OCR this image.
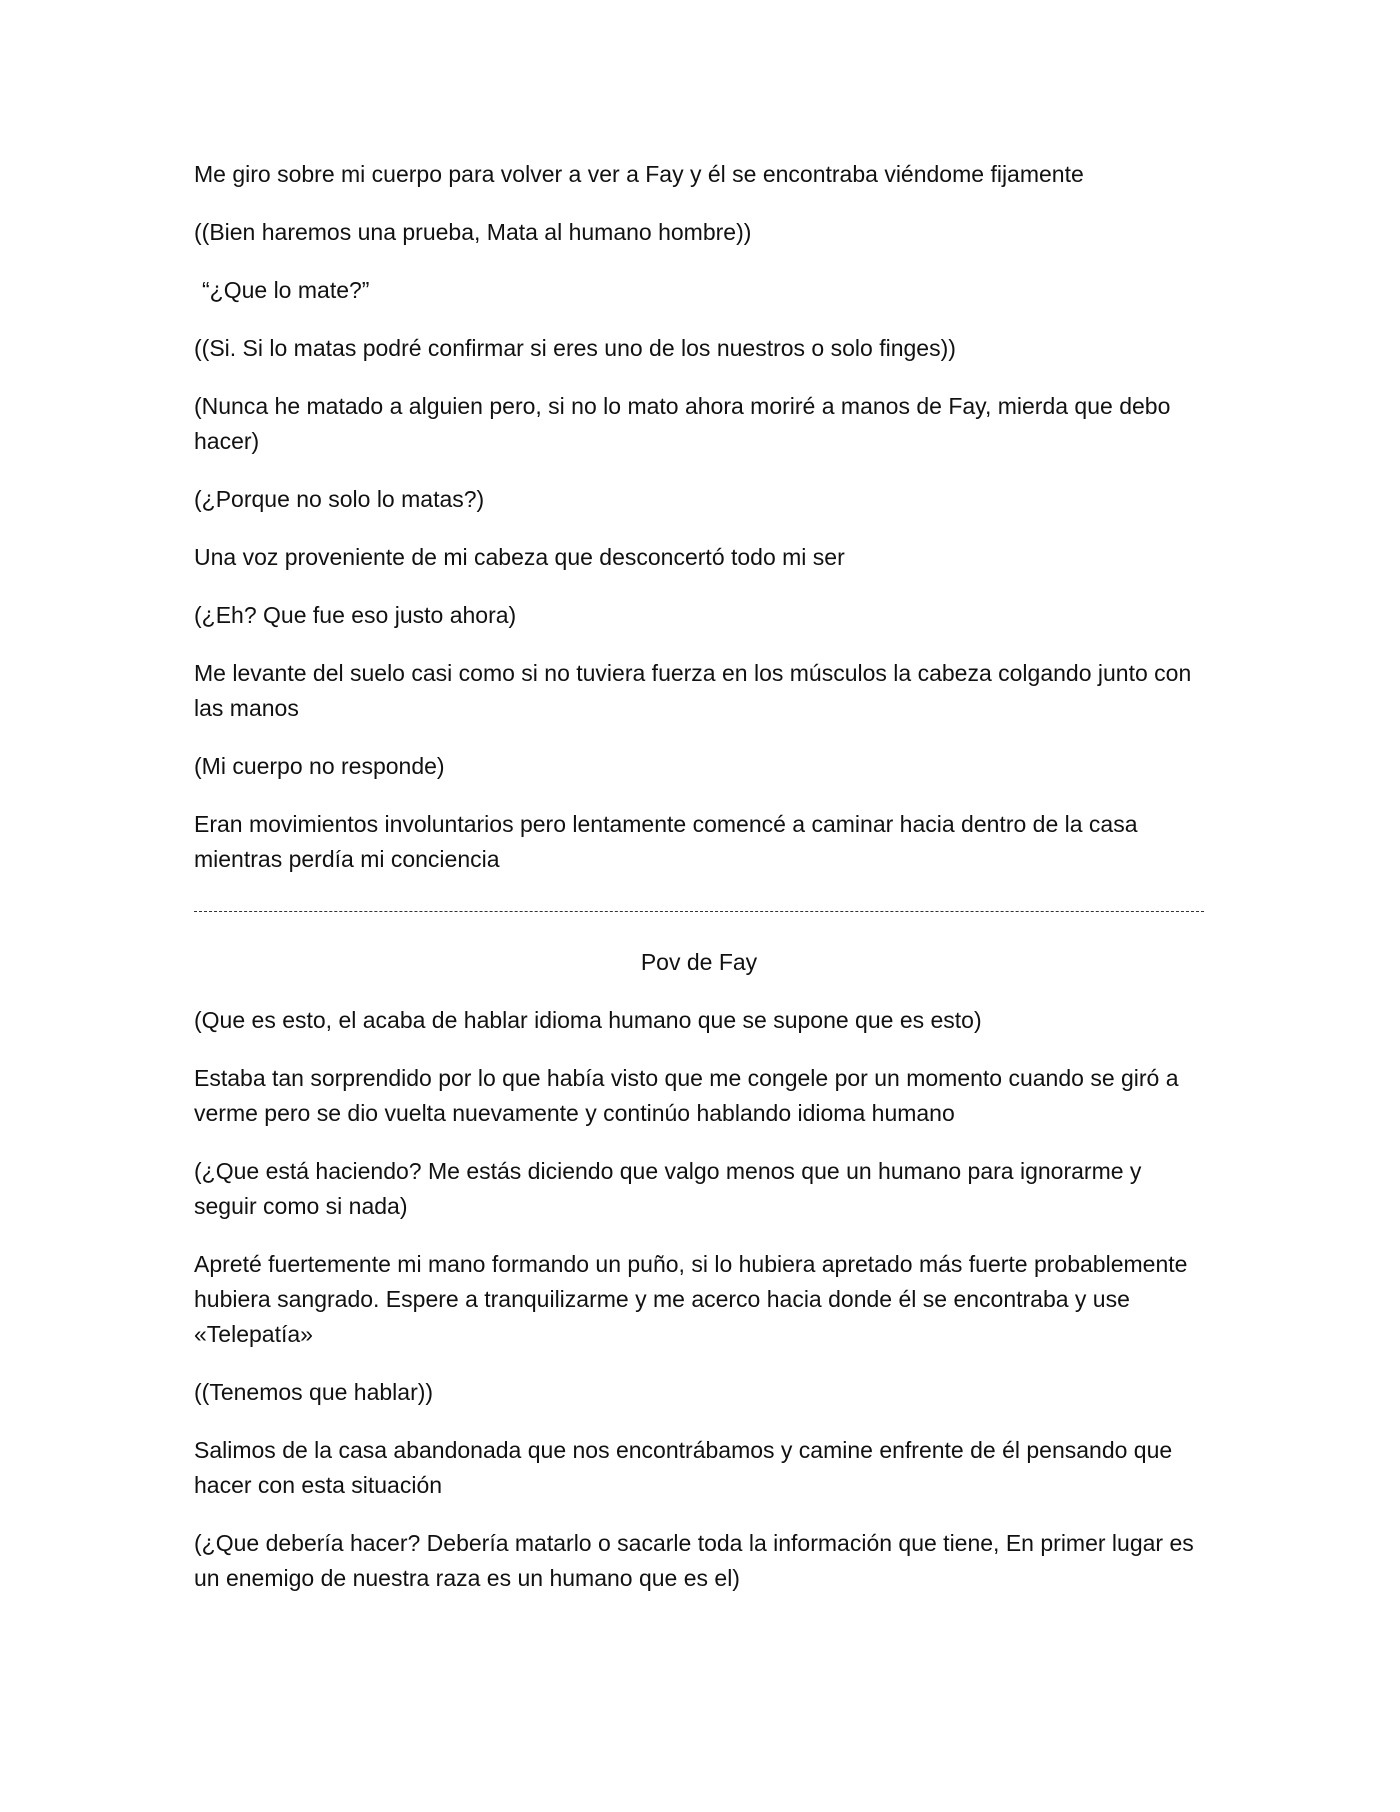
Me giro sobre mi cuerpo para volver a ver a Fay y él se encontraba viéndome fijamente

((Bien haremos una prueba, Mata al humano hombre))

“¿Que lo mate?”

((Si. Si lo matas podré confirmar si eres uno de los nuestros o solo finges))

(Nunca he matado a alguien pero, si no lo mato ahora moriré a manos de Fay, mierda que debo hacer)

(¿Porque no solo lo matas?)

Una voz proveniente de mi cabeza que desconcertó todo mi ser

(¿Eh? Que fue eso justo ahora)

Me levante del suelo casi como si no tuviera fuerza en los músculos la cabeza colgando junto con las manos

(Mi cuerpo no responde)

Eran movimientos involuntarios pero lentamente comencé a caminar hacia dentro de la casa mientras perdía mi conciencia

Pov de Fay

(Que es esto, el acaba de hablar idioma humano que se supone que es esto)

Estaba tan sorprendido por lo que había visto que me congele por un momento cuando se giró a verme pero se dio vuelta nuevamente y continúo hablando idioma humano

(¿Que está haciendo? Me estás diciendo que valgo menos que un humano para ignorarme y seguir como si nada)

Apreté fuertemente mi mano formando un puño, si lo hubiera apretado más fuerte probablemente hubiera sangrado. Espere a tranquilizarme y me acerco hacia donde él se encontraba y use «Telepatía»

((Tenemos que hablar))

Salimos de la casa abandonada que nos encontrábamos y camine enfrente de él pensando que hacer con esta situación

(¿Que debería hacer? Debería matarlo o sacarle toda la información que tiene, En primer lugar es un enemigo de nuestra raza es un humano que es el)
